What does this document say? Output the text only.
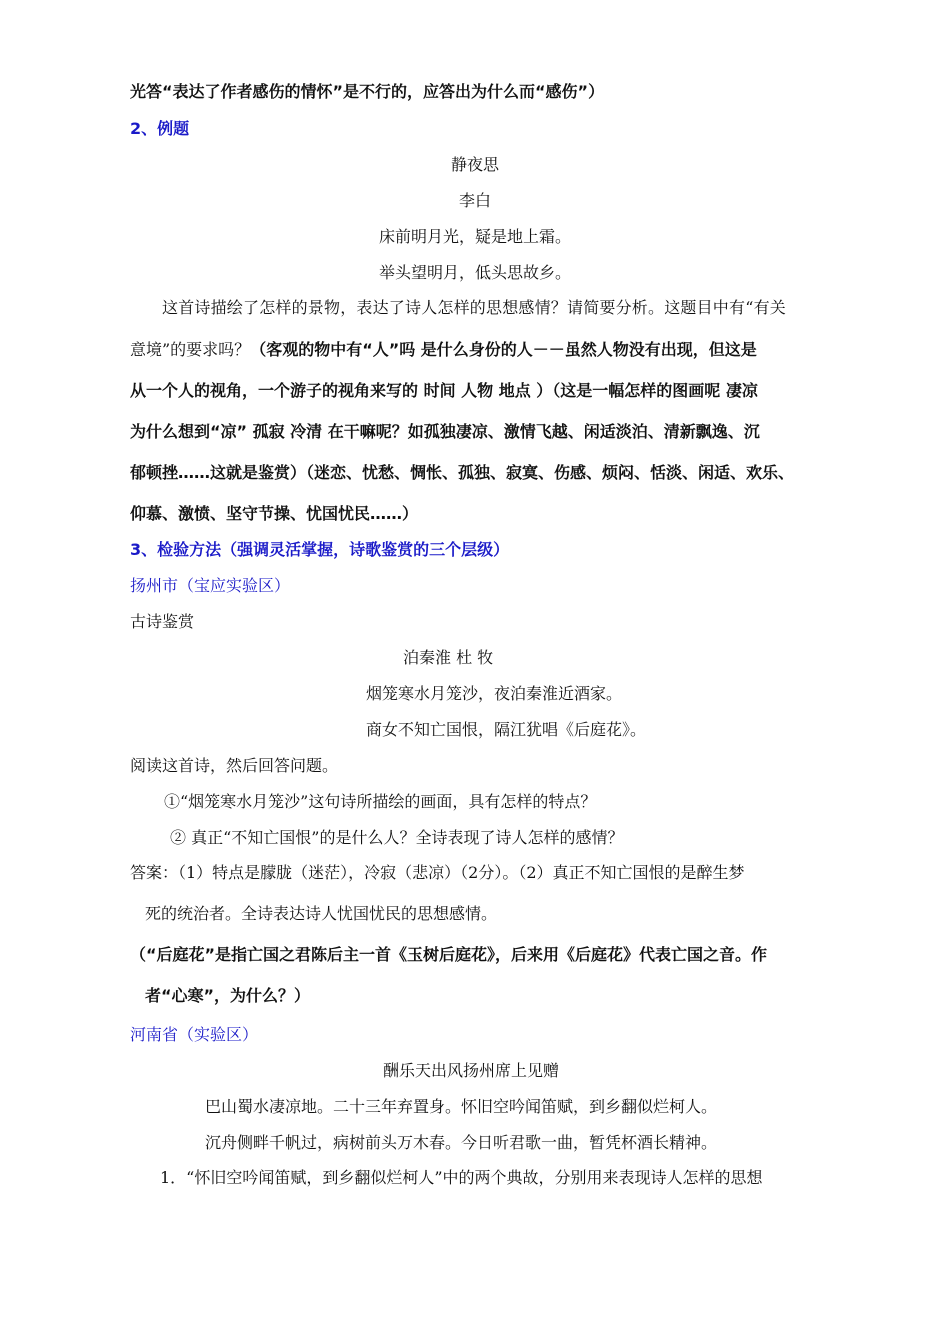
光答“表达了作者感伤的情怀”是不行的，应答出为什么而“感伤”）

2、例题

静夜思

李白

床前明月光，疑是地上霜。

举头望明月，低头思故乡。

这首诗描绘了怎样的景物，表达了诗人怎样的思想感情？请简要分析。这题目中有“有关

意境”的要求吗？（客观的物中有“人”吗 是什么身份的人－－虽然人物没有出现，但这是

从一个人的视角，一个游子的视角来写的 时间 人物 地点 ）（这是一幅怎样的图画呢 凄凉

为什么想到“凉” 孤寂 冷清 在干嘛呢？如孤独凄凉、激情飞越、闲适淡泊、清新飘逸、沉

郁顿挫……这就是鉴赏）（迷恋、忧愁、惆怅、孤独、寂寞、伤感、烦闷、恬淡、闲适、欢乐、

仰慕、激愤、坚守节操、忧国忧民……）

3、检验方法（强调灵活掌握，诗歌鉴赏的三个层级）

扬州市（宝应实验区）

古诗鉴赏

泊秦淮 杜 牧

烟笼寒水月笼沙，夜泊秦淮近酒家。

商女不知亡国恨，隔江犹唱《后庭花》。

阅读这首诗，然后回答问题。

①“烟笼寒水月笼沙”这句诗所描绘的画面，具有怎样的特点？

② 真正“不知亡国恨”的是什么人？全诗表现了诗人怎样的感情？

答案：（1）特点是朦胧（迷茫），冷寂（悲凉）（2分）。（2）真正不知亡国恨的是醉生梦

死的统治者。全诗表达诗人忧国忧民的思想感情。

（“后庭花”是指亡国之君陈后主一首《玉树后庭花》，后来用《后庭花》代表亡国之音。作

者“心寒”，为什么？）

河南省（实验区）

酬乐天出风扬州席上见赠

巴山蜀水凄凉地。二十三年弃置身。怀旧空吟闻笛赋，到乡翻似烂柯人。

沉舟侧畔千帆过，病树前头万木春。今日听君歌一曲，暂凭杯酒长精神。

1．“怀旧空吟闻笛赋，到乡翻似烂柯人”中的两个典故，分别用来表现诗人怎样的思想
